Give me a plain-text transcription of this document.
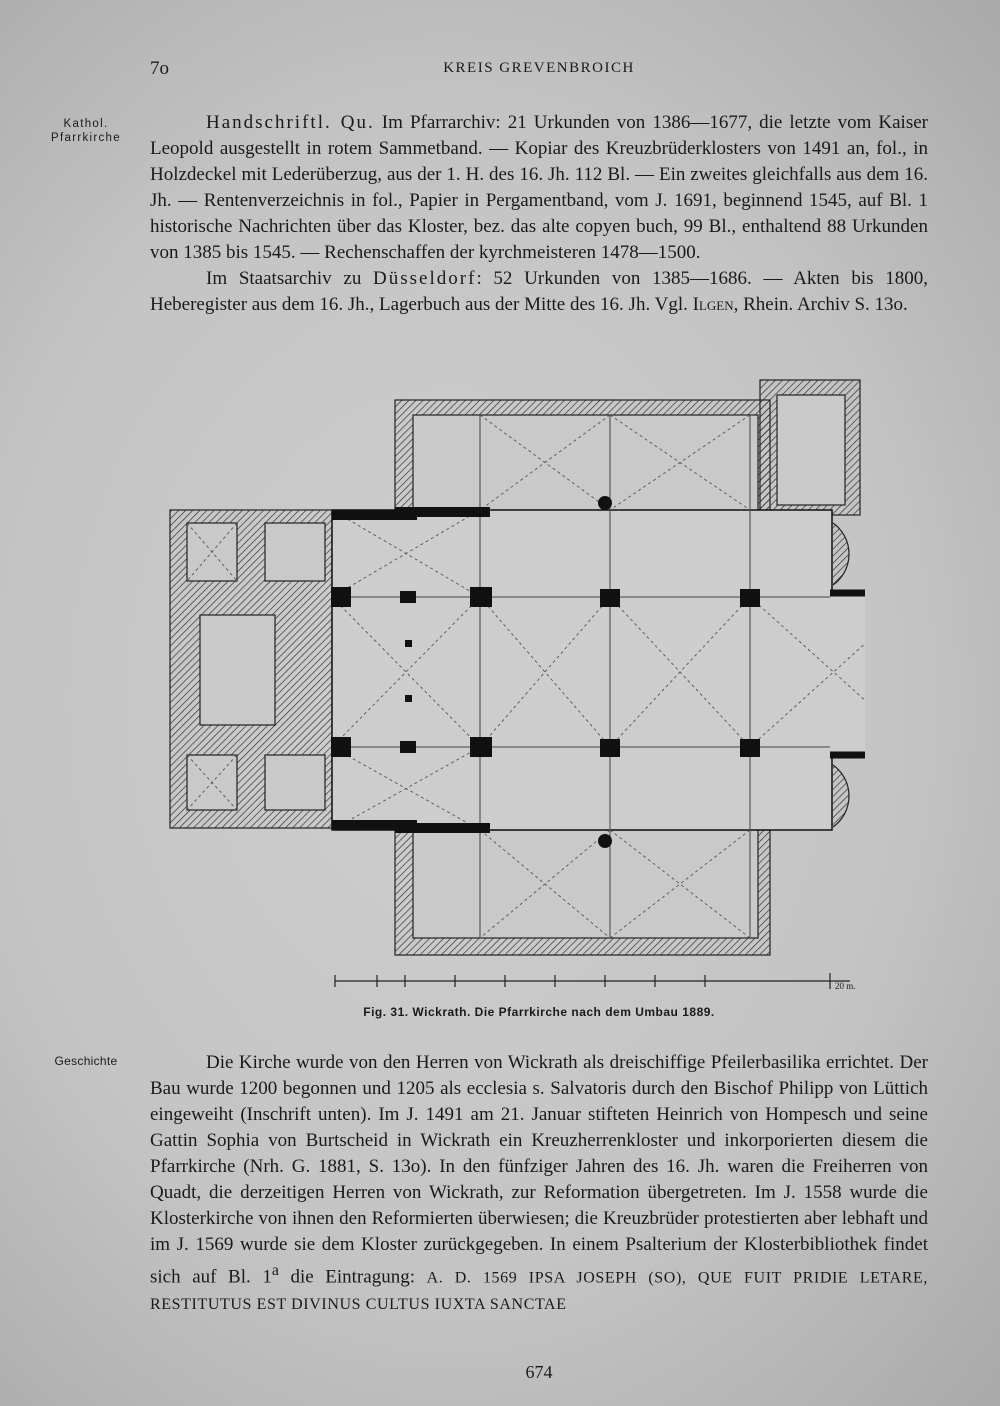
7o	KREIS GREVENBROICH
Kathol.
Pfarrkirche

Handschriftl. Qu. Im Pfarrarchiv: 21 Urkunden von 1386—1677, die letzte vom Kaiser Leopold ausgestellt in rotem Sammetband. — Kopiar des Kreuzbrüderklosters von 1491 an, fol., in Holzdeckel mit Lederüberzug, aus der 1. H. des 16. Jh. 112 Bl. — Ein zweites gleichfalls aus dem 16. Jh. — Rentenverzeichnis in fol., Papier in Pergamentband, vom J. 1691, beginnend 1545, auf Bl. 1 historische Nachrichten über das Kloster, bez. das alte copyen buch, 99 Bl., enthaltend 88 Urkunden von 1385 bis 1545. — Rechenschaffen der kyrchmeisteren 1478—1500.

Im Staatsarchiv zu Düsseldorf: 52 Urkunden von 1385—1686. — Akten bis 1800, Heberegister aus dem 16. Jh., Lagerbuch aus der Mitte des 16. Jh. Vgl. Ilgen, Rhein. Archiv S. 13o.

20 m.
Fig. 31. Wickrath. Die Pfarrkirche nach dem Umbau 1889.
Geschichte	Die Kirche wurde von den Herren von Wickrath als dreischiffige Pfeilerbasilika errichtet. Der Bau wurde 1200 begonnen und 1205 als ecclesia s. Salvatoris durch den Bischof Philipp von Lüttich eingeweiht (Inschrift unten). Im J. 1491 am 21. Januar stifteten Heinrich von Hompesch und seine Gattin Sophia von Burtscheid in Wickrath ein Kreuzherrenkloster und inkorporierten diesem die Pfarrkirche (Nrh. G. 1881, S. 13o). In den fünfziger Jahren des 16. Jh. waren die Freiherren von Quadt, die derzeitigen Herren von Wickrath, zur Reformation übergetreten. Im J. 1558 wurde die Klosterkirche von ihnen den Reformierten überwiesen; die Kreuzbrüder protestierten aber lebhaft und im J. 1569 wurde sie dem Kloster zurückgegeben. In einem Psalterium der Klosterbibliothek findet sich auf Bl. 1$^a$ die Eintragung: A. D. 1569 IPSA JOSEPH (SO), QUE FUIT PRIDIE LETARE, RESTITUTUS EST DIVINUS CULTUS IUXTA SANCTAE

674
